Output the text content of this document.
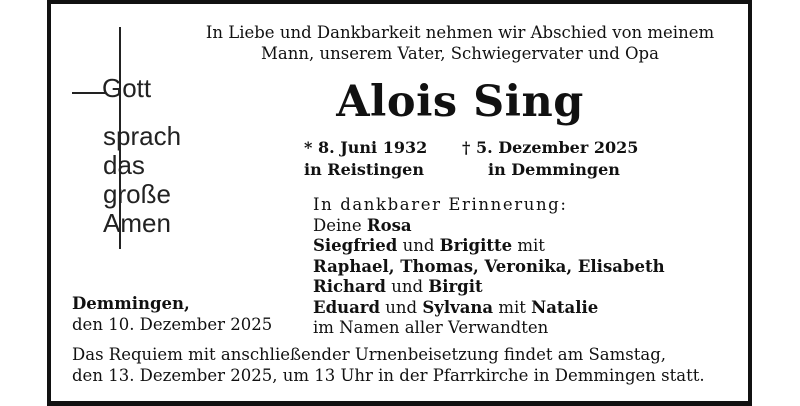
In Liebe und Dankbarkeit nehmen wir Abschied von meinem
Mann, unserem Vater, Schwiegervater und Opa
Alois Sing
* 8. Juni 1932
in Reistingen
† 5. Dezember 2025
in Demmingen
Gott
sprach
das
große
Amen
In dankbarer Erinnerung:
Deine Rosa
Siegfried und Brigitte mit
Raphael, Thomas, Veronika, Elisabeth
Richard und Birgit
Eduard und Sylvana mit Natalie
im Namen aller Verwandten
Demmingen,
den 10. Dezember 2025
Das Requiem mit anschließender Urnenbeisetzung findet am Samstag,
den 13. Dezember 2025, um 13 Uhr in der Pfarrkirche in Demmingen statt.
